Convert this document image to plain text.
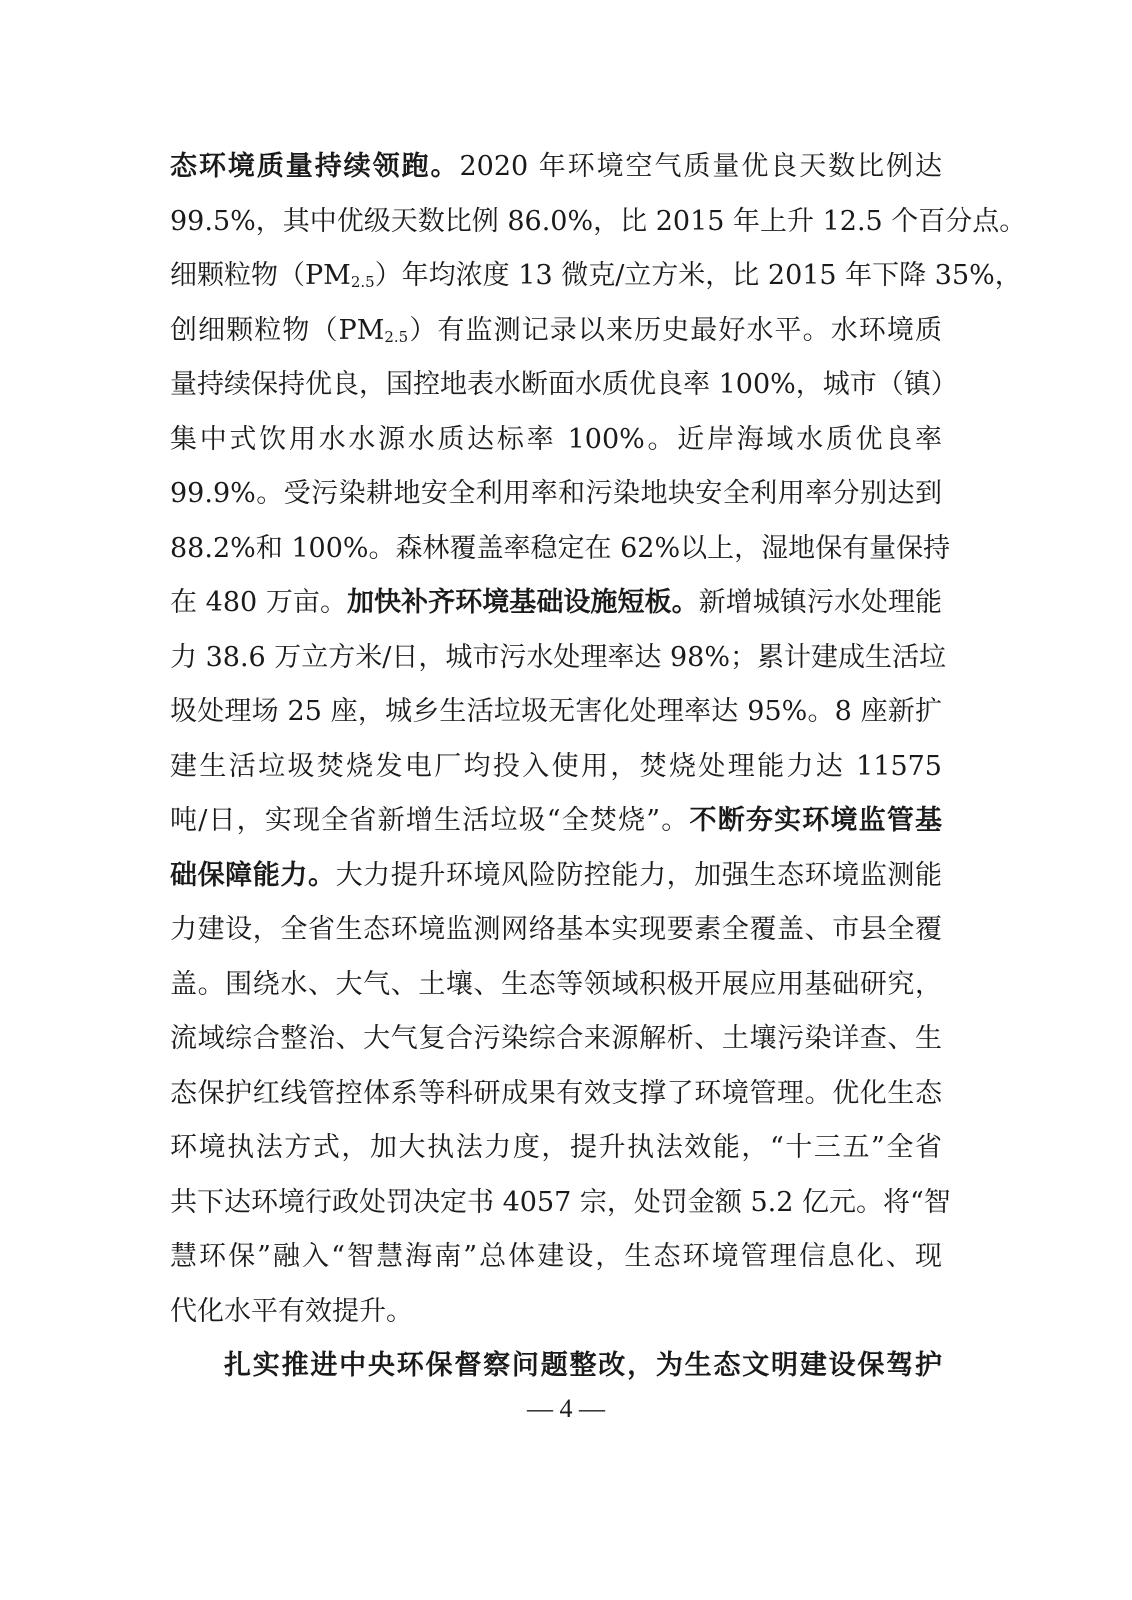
态环境质量持续领跑。2020 年环境空气质量优良天数比例达
99.5%，其中优级天数比例 86.0%，比 2015 年上升 12.5 个百分点。
细颗粒物$(PM_{2.5})$年均浓度 13 微克/立方米，比 2015 年下降 35%，
创细颗粒物$(PM_{2.5})$有监测记录以来历史最好水平。水环境质
量持续保持优良，国控地表水断面水质优良率 100%，城市（镇）
集中式饮用水水源水质达标率 100%。近岸海域水质优良率
99.9%。受污染耕地安全利用率和污染地块安全利用率分别达到
88.2%和 100%。森林覆盖率稳定在 62%以上，湿地保有量保持
在 480 万亩。加快补齐环境基础设施短板。新增城镇污水处理能
力 38.6 万立方米/日，城市污水处理率达 98%；累计建成生活垃
圾处理场 25 座，城乡生活垃圾无害化处理率达 95%。8 座新扩
建生活垃圾焚烧发电厂均投入使用，焚烧处理能力达 11575
吨/日，实现全省新增生活垃圾“全焚烧”。不断夯实环境监管基
础保障能力。大力提升环境风险防控能力，加强生态环境监测能
力建设，全省生态环境监测网络基本实现要素全覆盖、市县全覆
盖。围绕水、大气、土壤、生态等领域积极开展应用基础研究，
流域综合整治、大气复合污染综合来源解析、土壤污染详查、生
态保护红线管控体系等科研成果有效支撑了环境管理。优化生态
环境执法方式，加大执法力度，提升执法效能，“十三五”全省
共下达环境行政处罚决定书 4057 宗，处罚金额 5.2 亿元。将“智
慧环保”融入“智慧海南”总体建设，生态环境管理信息化、现
代化水平有效提升。
扎实推进中央环保督察问题整改，为生态文明建设保驾护
— 4 —
